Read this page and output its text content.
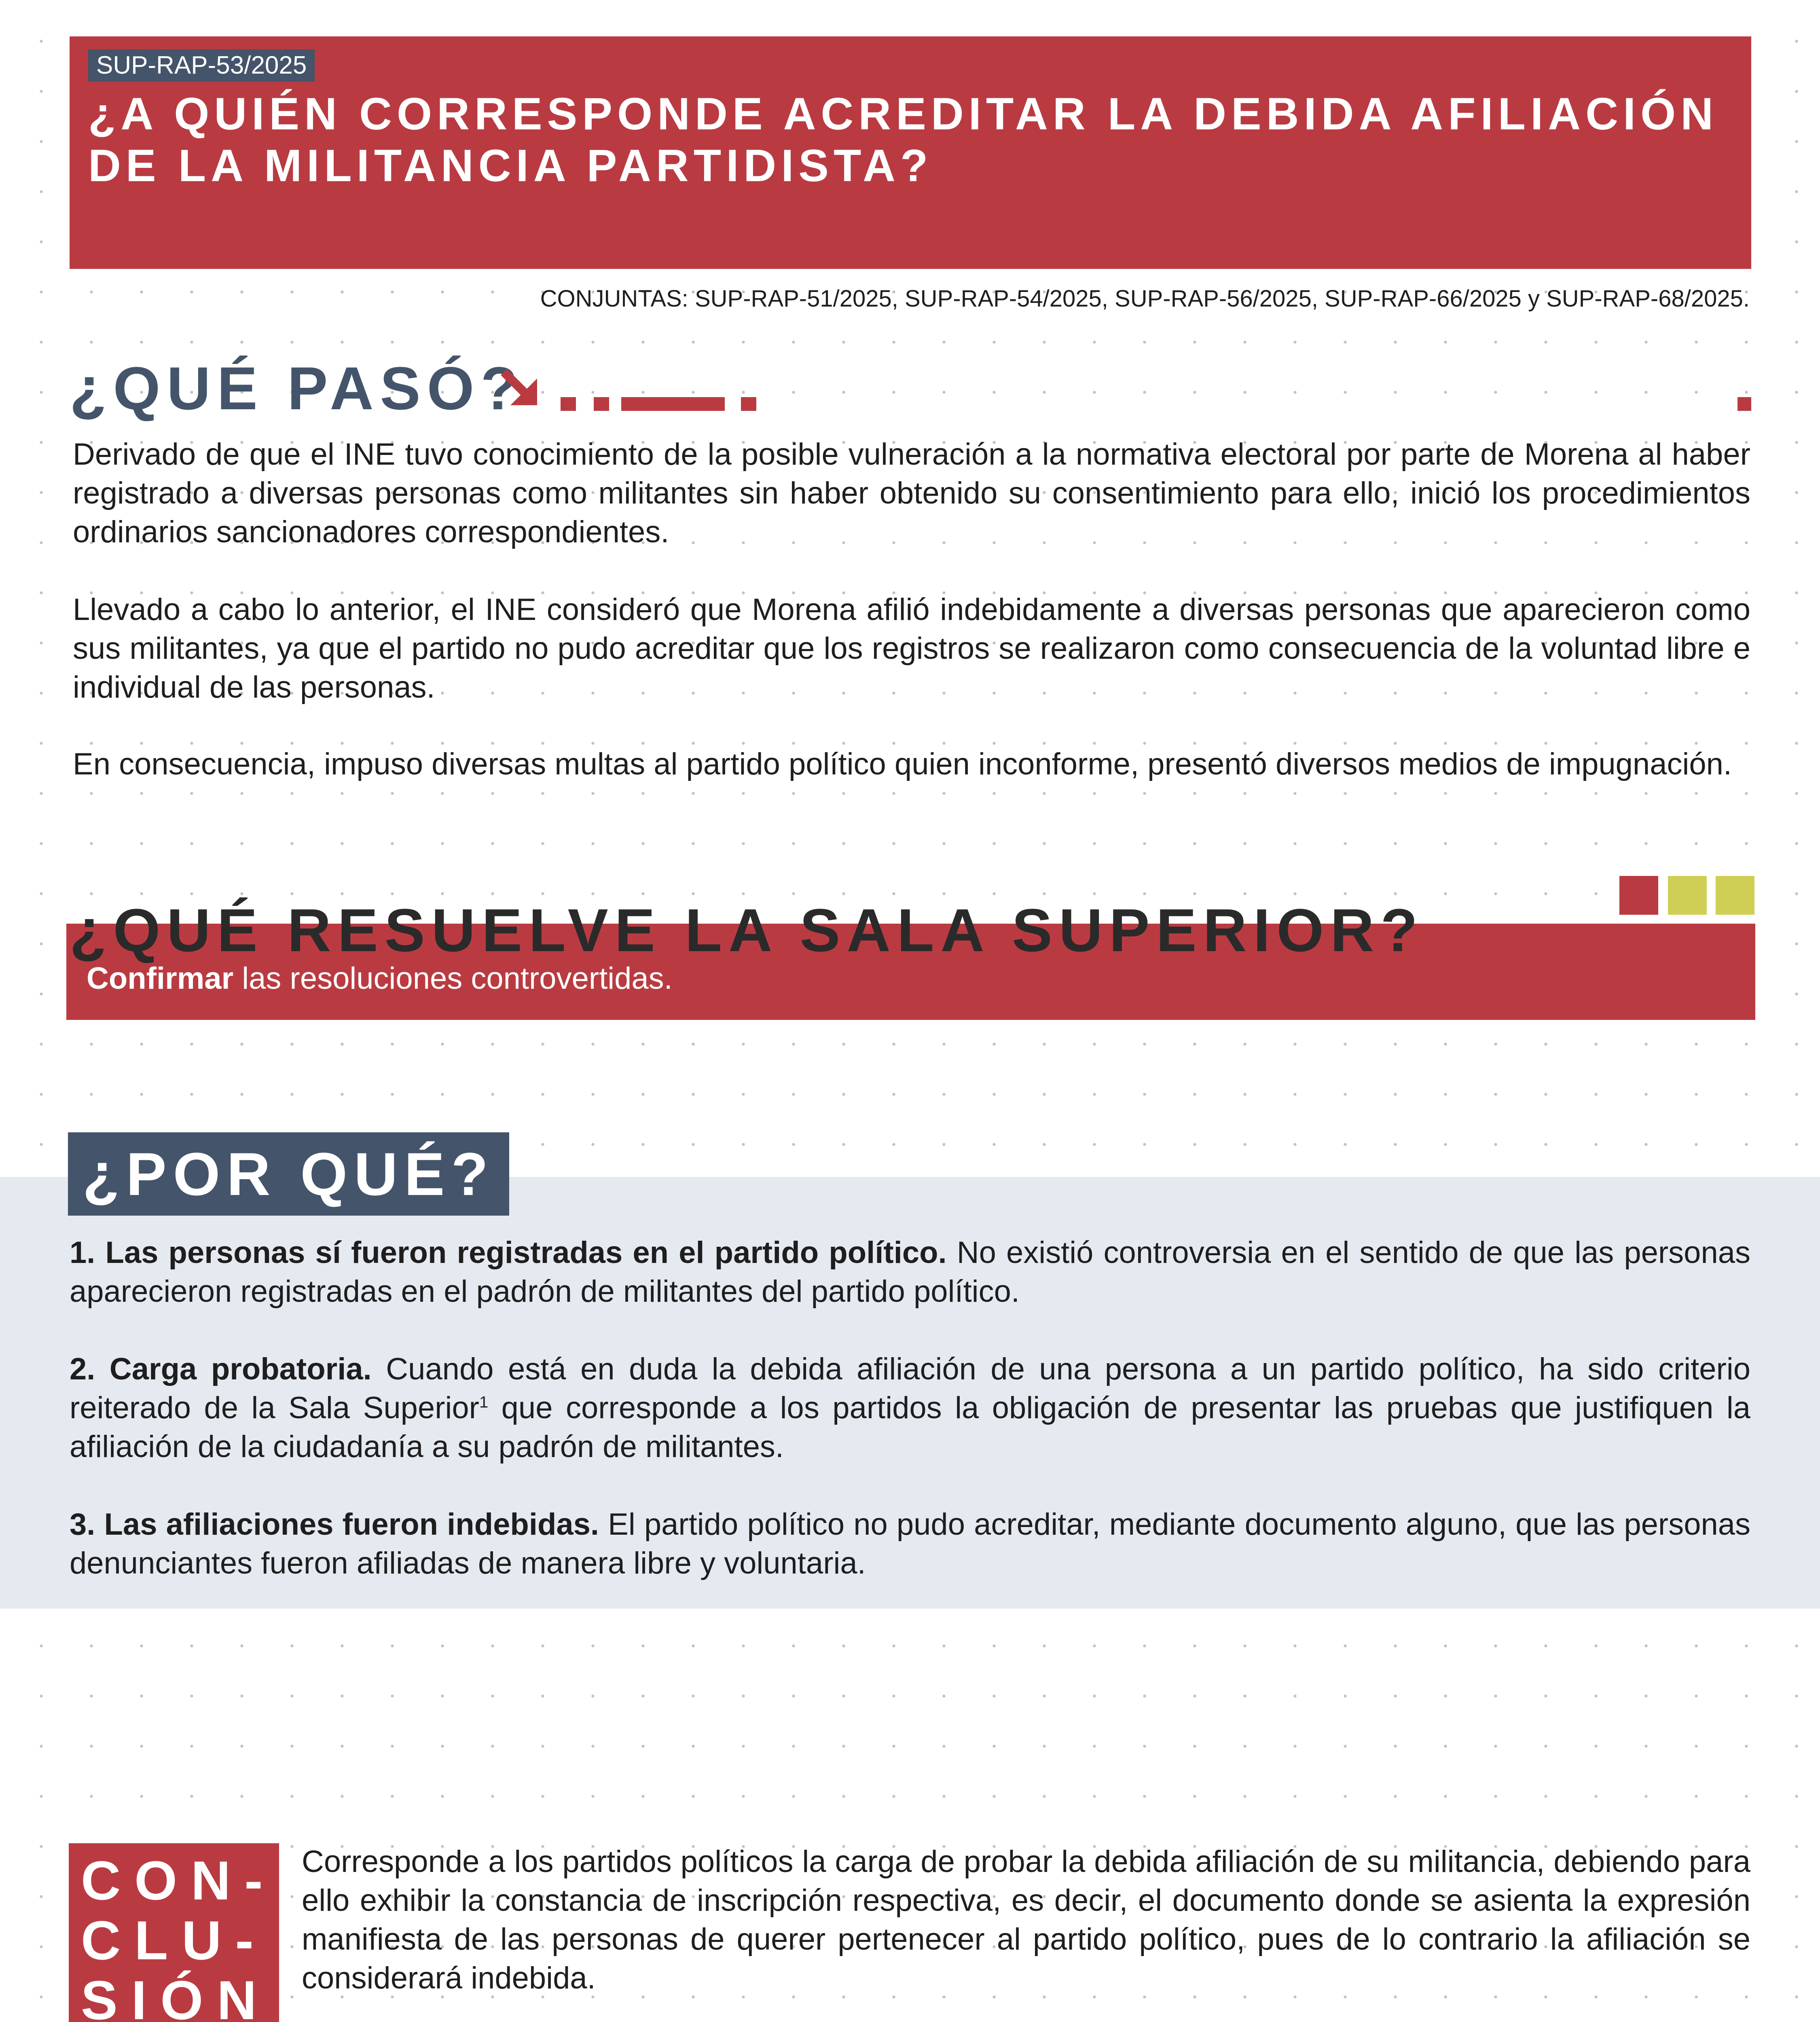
SUP-RAP-53/2025
¿A QUIÉN CORRESPONDE ACREDITAR LA DEBIDA AFILIACIÓN
DE LA MILITANCIA PARTIDISTA?
CONJUNTAS: SUP-RAP-51/2025, SUP-RAP-54/2025, SUP-RAP-56/2025, SUP-RAP-66/2025 y SUP-RAP-68/2025.
¿QUÉ PASÓ?

Derivado de que el INE tuvo conocimiento de la posible vulneración a la normativa electoral por parte de Morena al haber registrado a diversas personas como militantes sin haber obtenido su consentimiento para ello, inició los procedimientos ordinarios sancionadores correspondientes.

Llevado a cabo lo anterior, el INE consideró que Morena afilió indebidamente a diversas personas que aparecieron como sus militantes, ya que el partido no pudo acreditar que los registros se realizaron como consecuencia de la voluntad libre e individual de las personas.

En consecuencia, impuso diversas multas al partido político quien inconforme, presentó diversos medios de impugnación.

¿QUÉ RESUELVE LA SALA SUPERIOR?
Confirmar las resoluciones controvertidas.
¿POR QUÉ?

1. Las personas sí fueron registradas en el partido político. No existió controversia en el sentido de que las personas aparecieron registradas en el padrón de militantes del partido político.

2. Carga probatoria. Cuando está en duda la debida afiliación de una persona a un partido político, ha sido criterio reiterado de la Sala Superior$^1$ que corresponde a los partidos la obligación de presentar las pruebas que justifiquen la afiliación de la ciudadanía a su padrón de militantes.

3. Las afiliaciones fueron indebidas. El partido político no pudo acreditar, mediante documento alguno, que las personas denunciantes fueron afiliadas de manera libre y voluntaria.

CON-
CLU-
SIÓN

Corresponde a los partidos políticos la carga de probar la debida afiliación de su militancia, debiendo para ello exhibir la constancia de inscripción respectiva, es decir, el documento donde se asienta la expresión manifiesta de las personas de querer pertenecer al partido político, pues de lo contrario la afiliación se considerará indebida.
